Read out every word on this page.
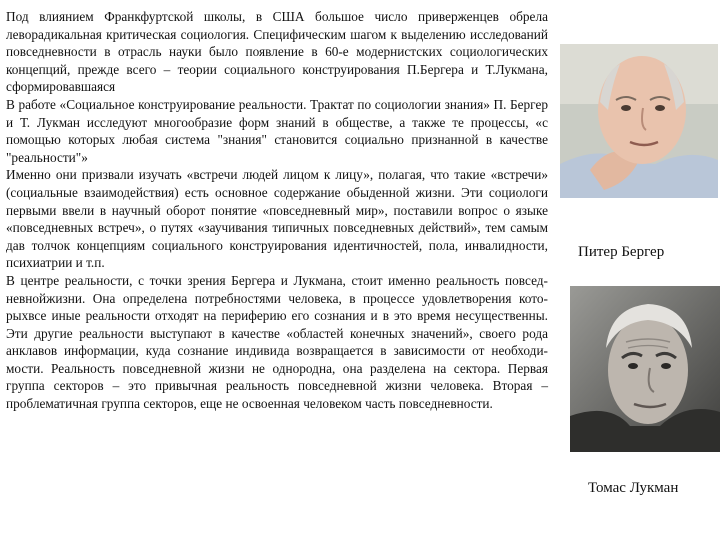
Под влиянием Франкфуртской школы, в США большое число приверженцев обрела леворадикальная критическая социология. Специфическим шагом к выделению исследований повседневности в отрасль науки было появление в 60-е модернистских социологических концепций, прежде всего – теории социального конструирования П.Бергера и Т.Лукмана, сформировавшаяся

В работе «Социальное конструирование реальности. Трактат по социологии знания» П. Бергер и Т. Лукман исследуют многообразие форм знаний в обществе, а также те процессы, «с помощью которых любая система "знания" становится социально признанной в качестве "реальности"»

Именно они призвали изучать «встречи людей лицом к лицу», полагая, что такие «встречи» (социальные взаимодействия) есть основное содержание обыденной жизни. Эти социологи первыми ввели в научный оборот понятие «повседневный мир», поставили вопрос о языке «повседневных встреч», о путях «заучивания типичных повседневных действий», тем самым дав толчок концепциям социального конструирования идентичностей, пола, инвалидности, психиатрии и т.п.

В центре реальности, с точки зрения Бергера и Лукмана, стоит именно реальность повсед-невнойжизни. Она определена потребностями человека, в процессе удовлетворения кото-рыхвсе иные реальности отходят на периферию его сознания и в это время несущественны. Эти другие реальности выступают в качестве «областей конечных значений», своего рода анклавов информации, куда сознание индивида возвращается в зависимости от необходи-мости. Реальность повседневной жизни не однородна, она разделена на сектора. Первая группа секторов – это привычная реальность повседневной жизни человека. Вторая – проблематичная группа секторов, еще не освоенная человеком часть повседневности.

Питер Бергер
Томас Лукман
